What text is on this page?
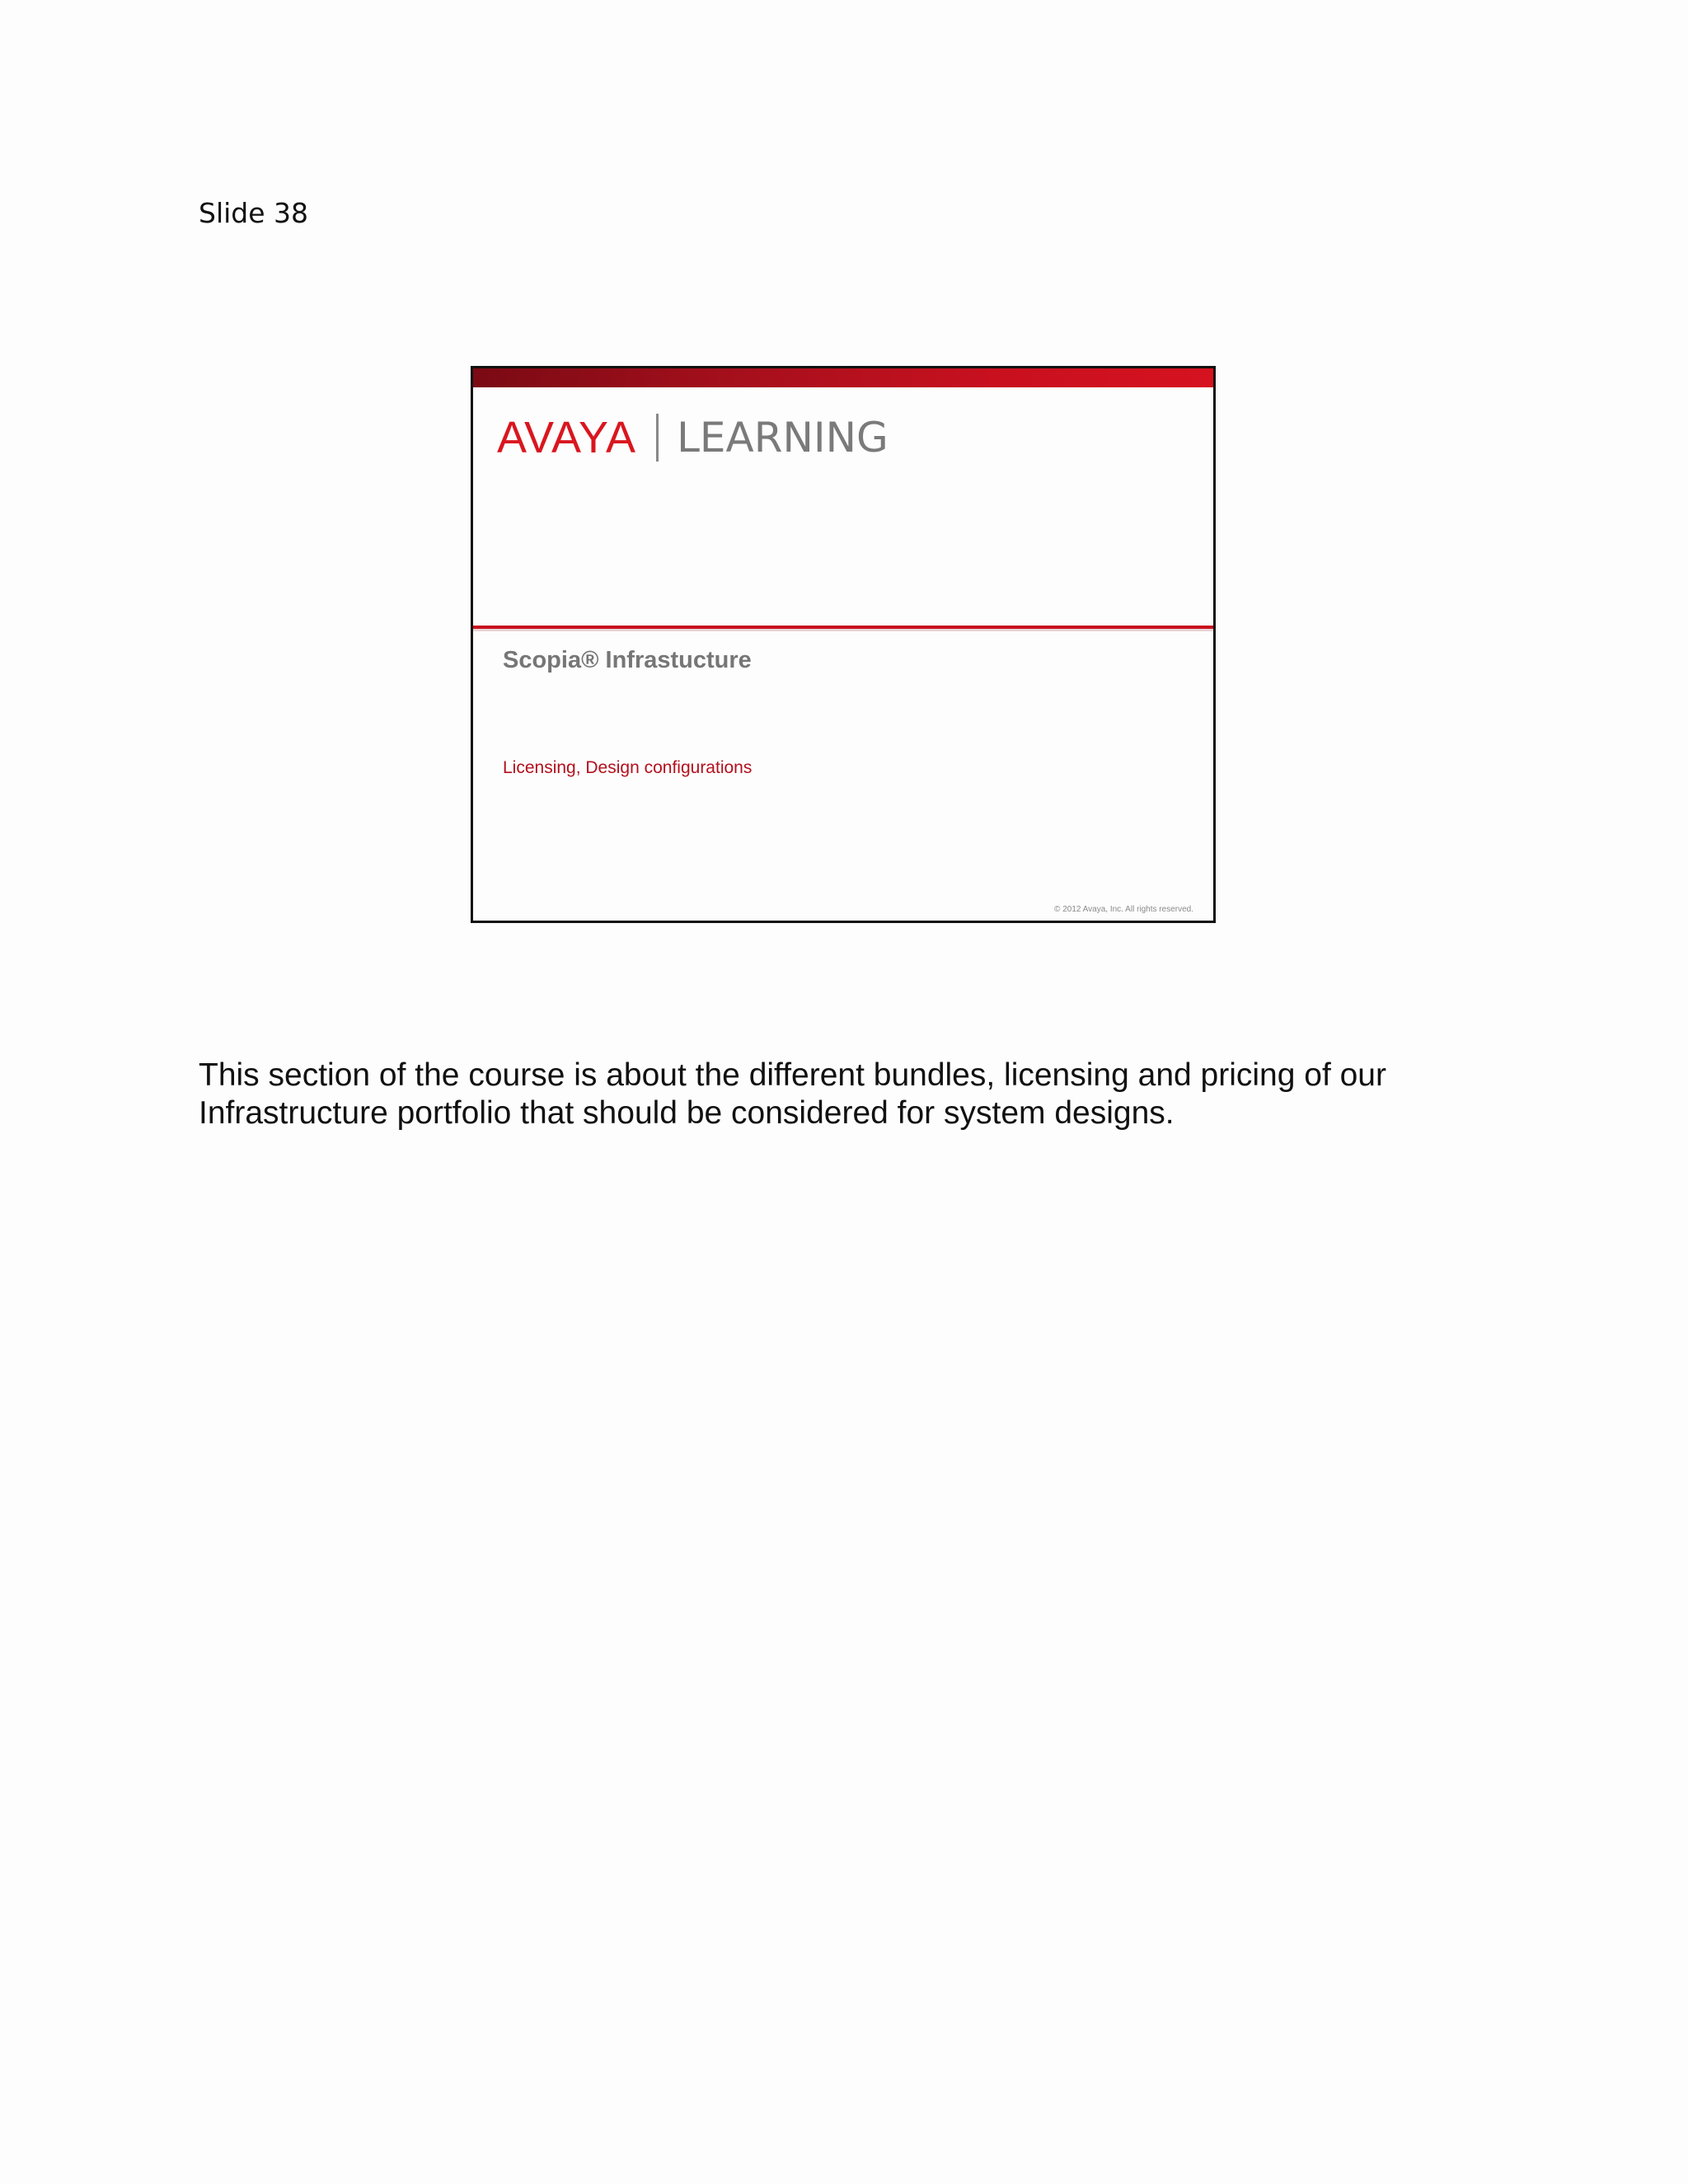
Slide 38
AVAYA LEARNING
Scopia® Infrastucture
Licensing, Design configurations
© 2012 Avaya, Inc. All rights reserved.
This section of the course is about the different bundles, licensing and pricing of our Infrastructure portfolio that should be considered for system designs.
